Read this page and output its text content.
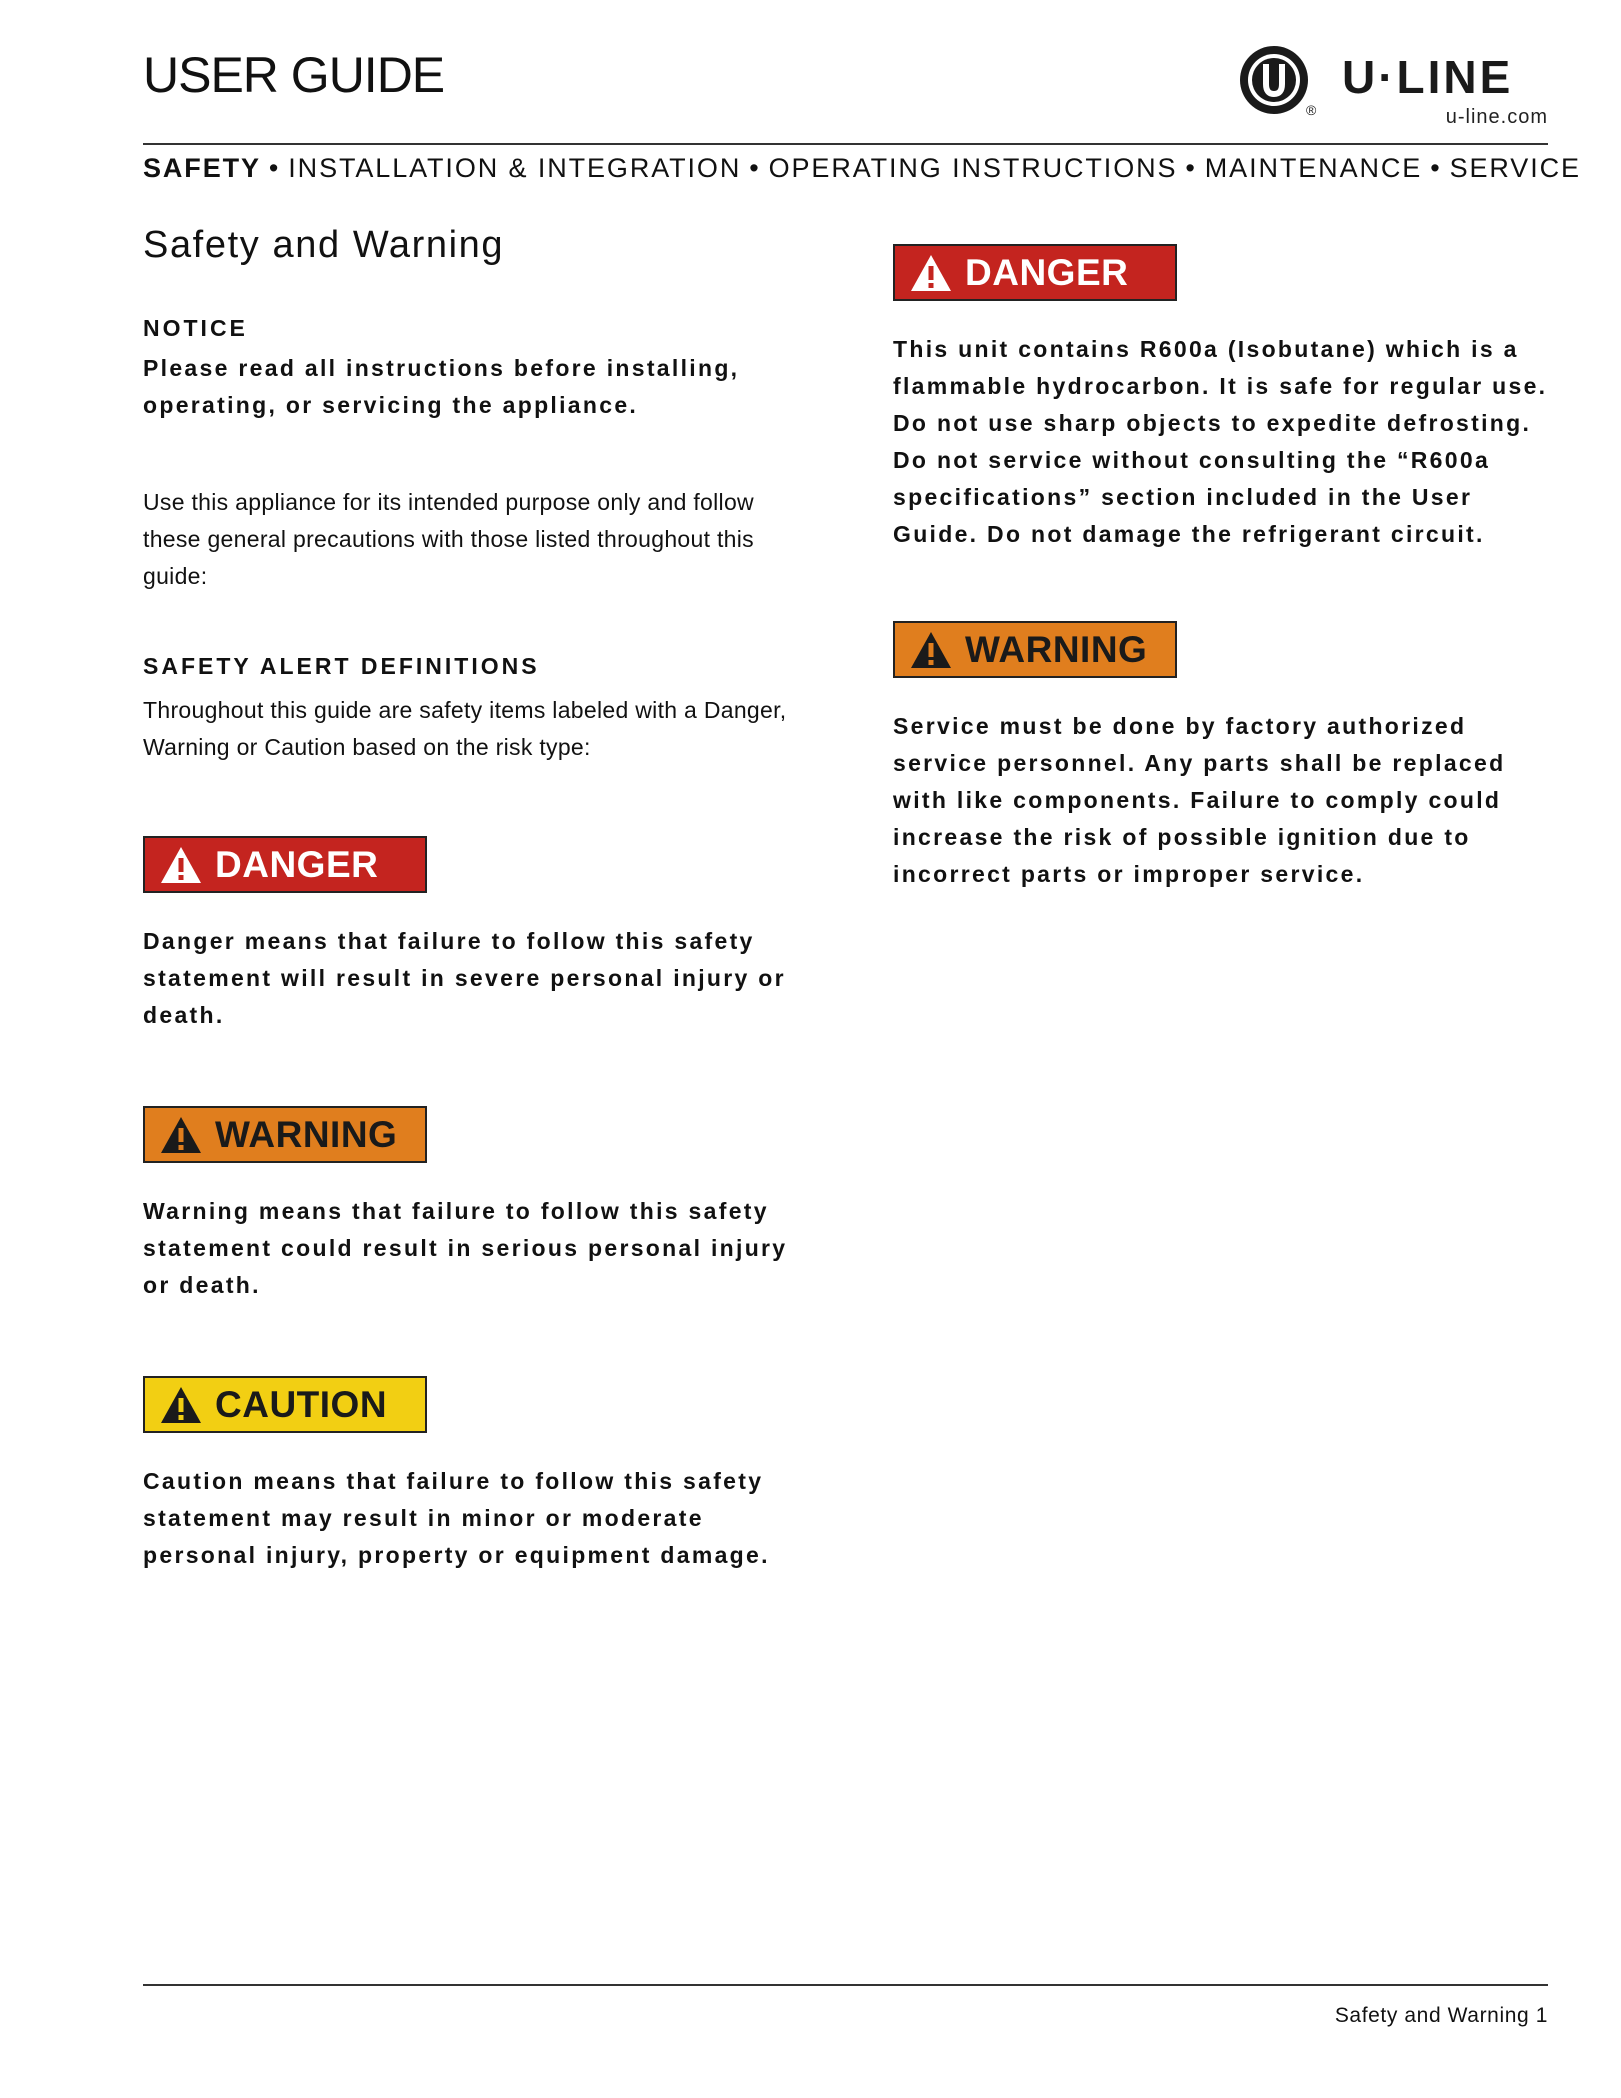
USER GUIDE
®
U·LINE
u-line.com
SAFETY • INSTALLATION & INTEGRATION • OPERATING INSTRUCTIONS • MAINTENANCE • SERVICE
Safety and Warning
NOTICE

Please read all instructions before installing, operating, or servicing the appliance.

Use this appliance for its intended purpose only and follow these general precautions with those listed throughout this guide:

SAFETY ALERT DEFINITIONS

Throughout this guide are safety items labeled with a Danger, Warning or Caution based on the risk type:

DANGER

Danger means that failure to follow this safety statement will result in severe personal injury or death.

WARNING

Warning means that failure to follow this safety statement could result in serious personal injury or death.

CAUTION

Caution means that failure to follow this safety statement may result in minor or moderate personal injury, property or equipment damage.

DANGER

This unit contains R600a (Isobutane) which is a flammable hydrocarbon. It is safe for regular use. Do not use sharp objects to expedite defrosting. Do not service without consulting the “R600a specifications” section included in the User Guide. Do not damage the refrigerant circuit.

WARNING

Service must be done by factory authorized service personnel. Any parts shall be replaced with like components. Failure to comply could increase the risk of possible ignition due to incorrect parts or improper service.

Safety and Warning 1
